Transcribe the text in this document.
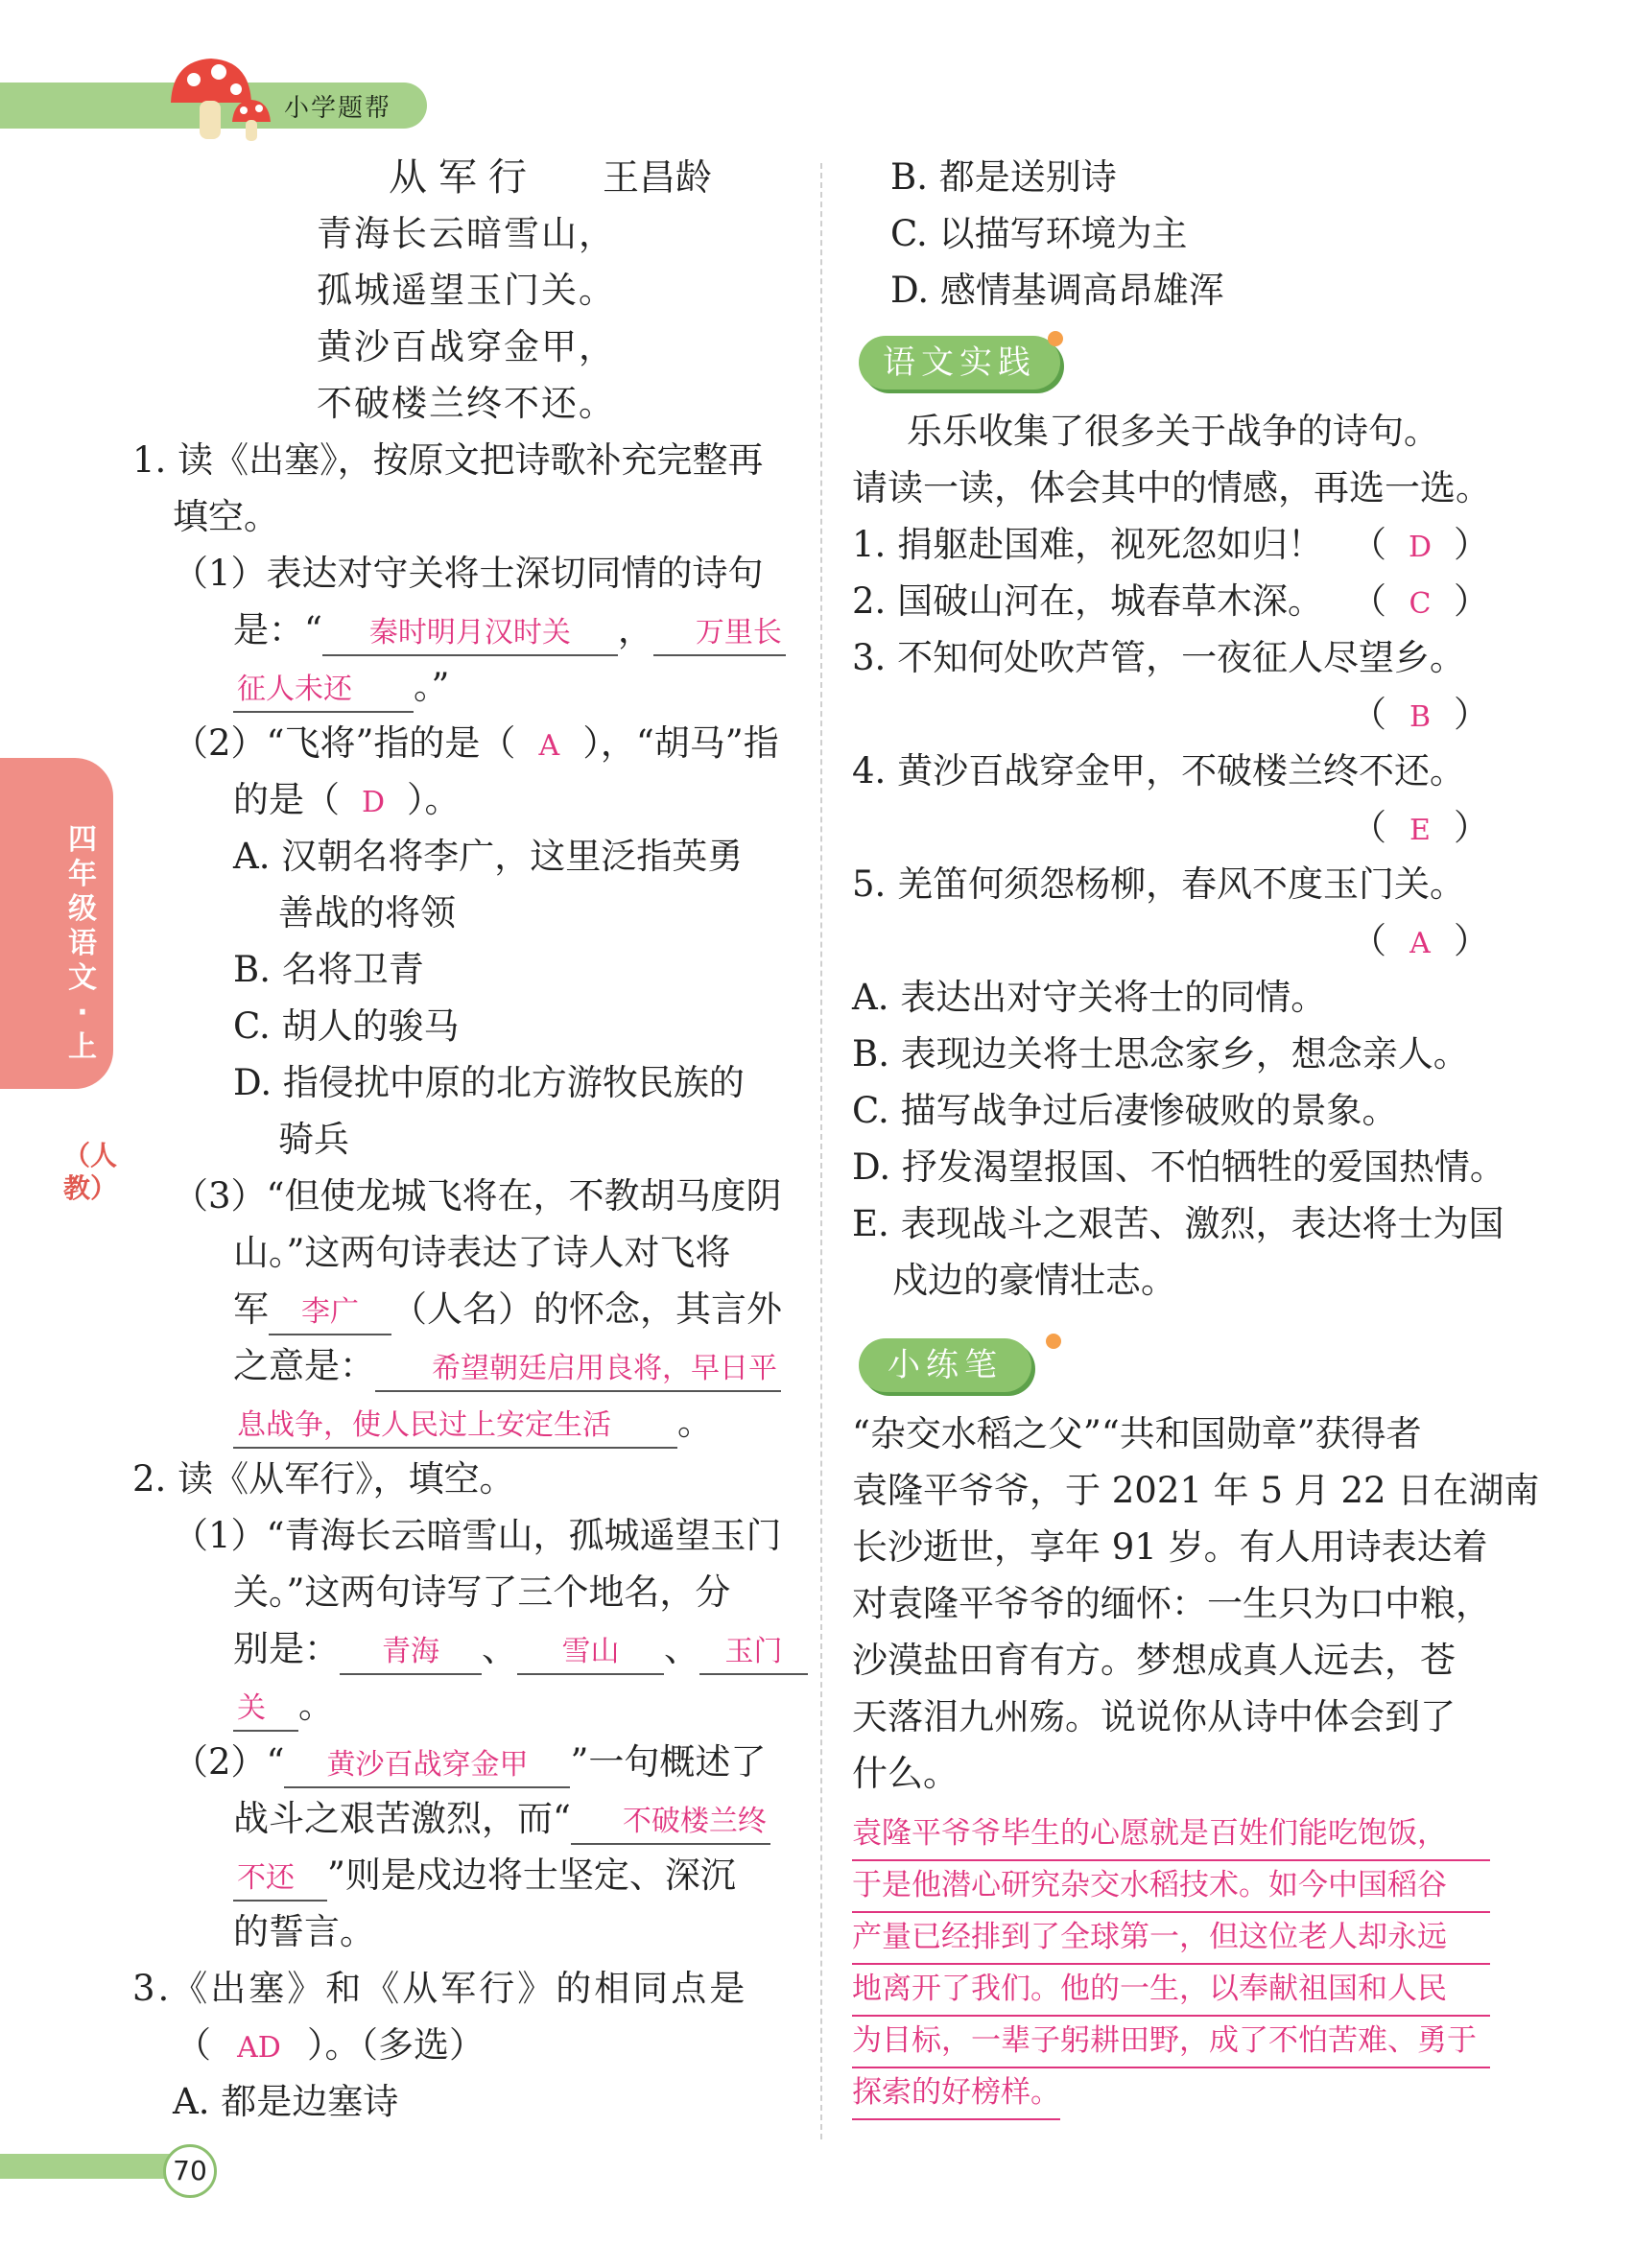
小学题帮
四年级语文·上
（人教）
从军行 王昌龄
青海长云暗雪山，
孤城遥望玉门关。
黄沙百战穿金甲，
不破楼兰终不还。
1. 读《出塞》，按原文把诗歌补充完整再
填空。
（1）表达对守关将士深切同情的诗句
是：“ 秦时明月汉时关 ， 万里长
征人未还 。”
（2）“飞将”指的是（ A ），“胡马”指
的是（ D ）。
A. 汉朝名将李广，这里泛指英勇
善战的将领
B. 名将卫青
C. 胡人的骏马
D. 指侵扰中原的北方游牧民族的
骑兵
（3）“但使龙城飞将在，不教胡马度阴
山。”这两句诗表达了诗人对飞将
军 李广 （人名）的怀念，其言外
之意是： 希望朝廷启用良将，早日平
息战争，使人民过上安定生活 。
2. 读《从军行》，填空。
（1）“青海长云暗雪山，孤城遥望玉门
关。”这两句诗写了三个地名，分
别是： 青海 、 雪山 、 玉门
关 。
（2）“ 黄沙百战穿金甲 ”一句概述了
战斗之艰苦激烈，而“ 不破楼兰终
不还 ”则是戍边将士坚定、深沉
的誓言。
3.《出塞》和《从军行》的相同点是
（ AD ）。（多选）
A. 都是边塞诗
B. 都是送别诗
C. 以描写环境为主
D. 感情基调高昂雄浑
语文实践
乐乐收集了很多关于战争的诗句。
请读一读，体会其中的情感，再选一选。
1. 捐躯赴国难，视死忽如归！ （ D ）
2. 国破山河在，城春草木深。 （ C ）
3. 不知何处吹芦管，一夜征人尽望乡。
（ B ）
4. 黄沙百战穿金甲，不破楼兰终不还。
（ E ）
5. 羌笛何须怨杨柳，春风不度玉门关。
（ A ）
A. 表达出对守关将士的同情。
B. 表现边关将士思念家乡，想念亲人。
C. 描写战争过后凄惨破败的景象。
D. 抒发渴望报国、不怕牺牲的爱国热情。
E. 表现战斗之艰苦、激烈，表达将士为国
戍边的豪情壮志。
小练笔
“杂交水稻之父”“共和国勋章”获得者
袁隆平爷爷，于 2021 年 5 月 22 日在湖南
长沙逝世，享年 91 岁。有人用诗表达着
对袁隆平爷爷的缅怀：一生只为口中粮，
沙漠盐田育有方。梦想成真人远去，苍
天落泪九州殇。说说你从诗中体会到了
什么。
袁隆平爷爷毕生的心愿就是百姓们能吃饱饭，
于是他潜心研究杂交水稻技术。如今中国稻谷
产量已经排到了全球第一，但这位老人却永远
地离开了我们。他的一生，以奉献祖国和人民
为目标，一辈子躬耕田野，成了不怕苦难、勇于
探索的好榜样。
70
